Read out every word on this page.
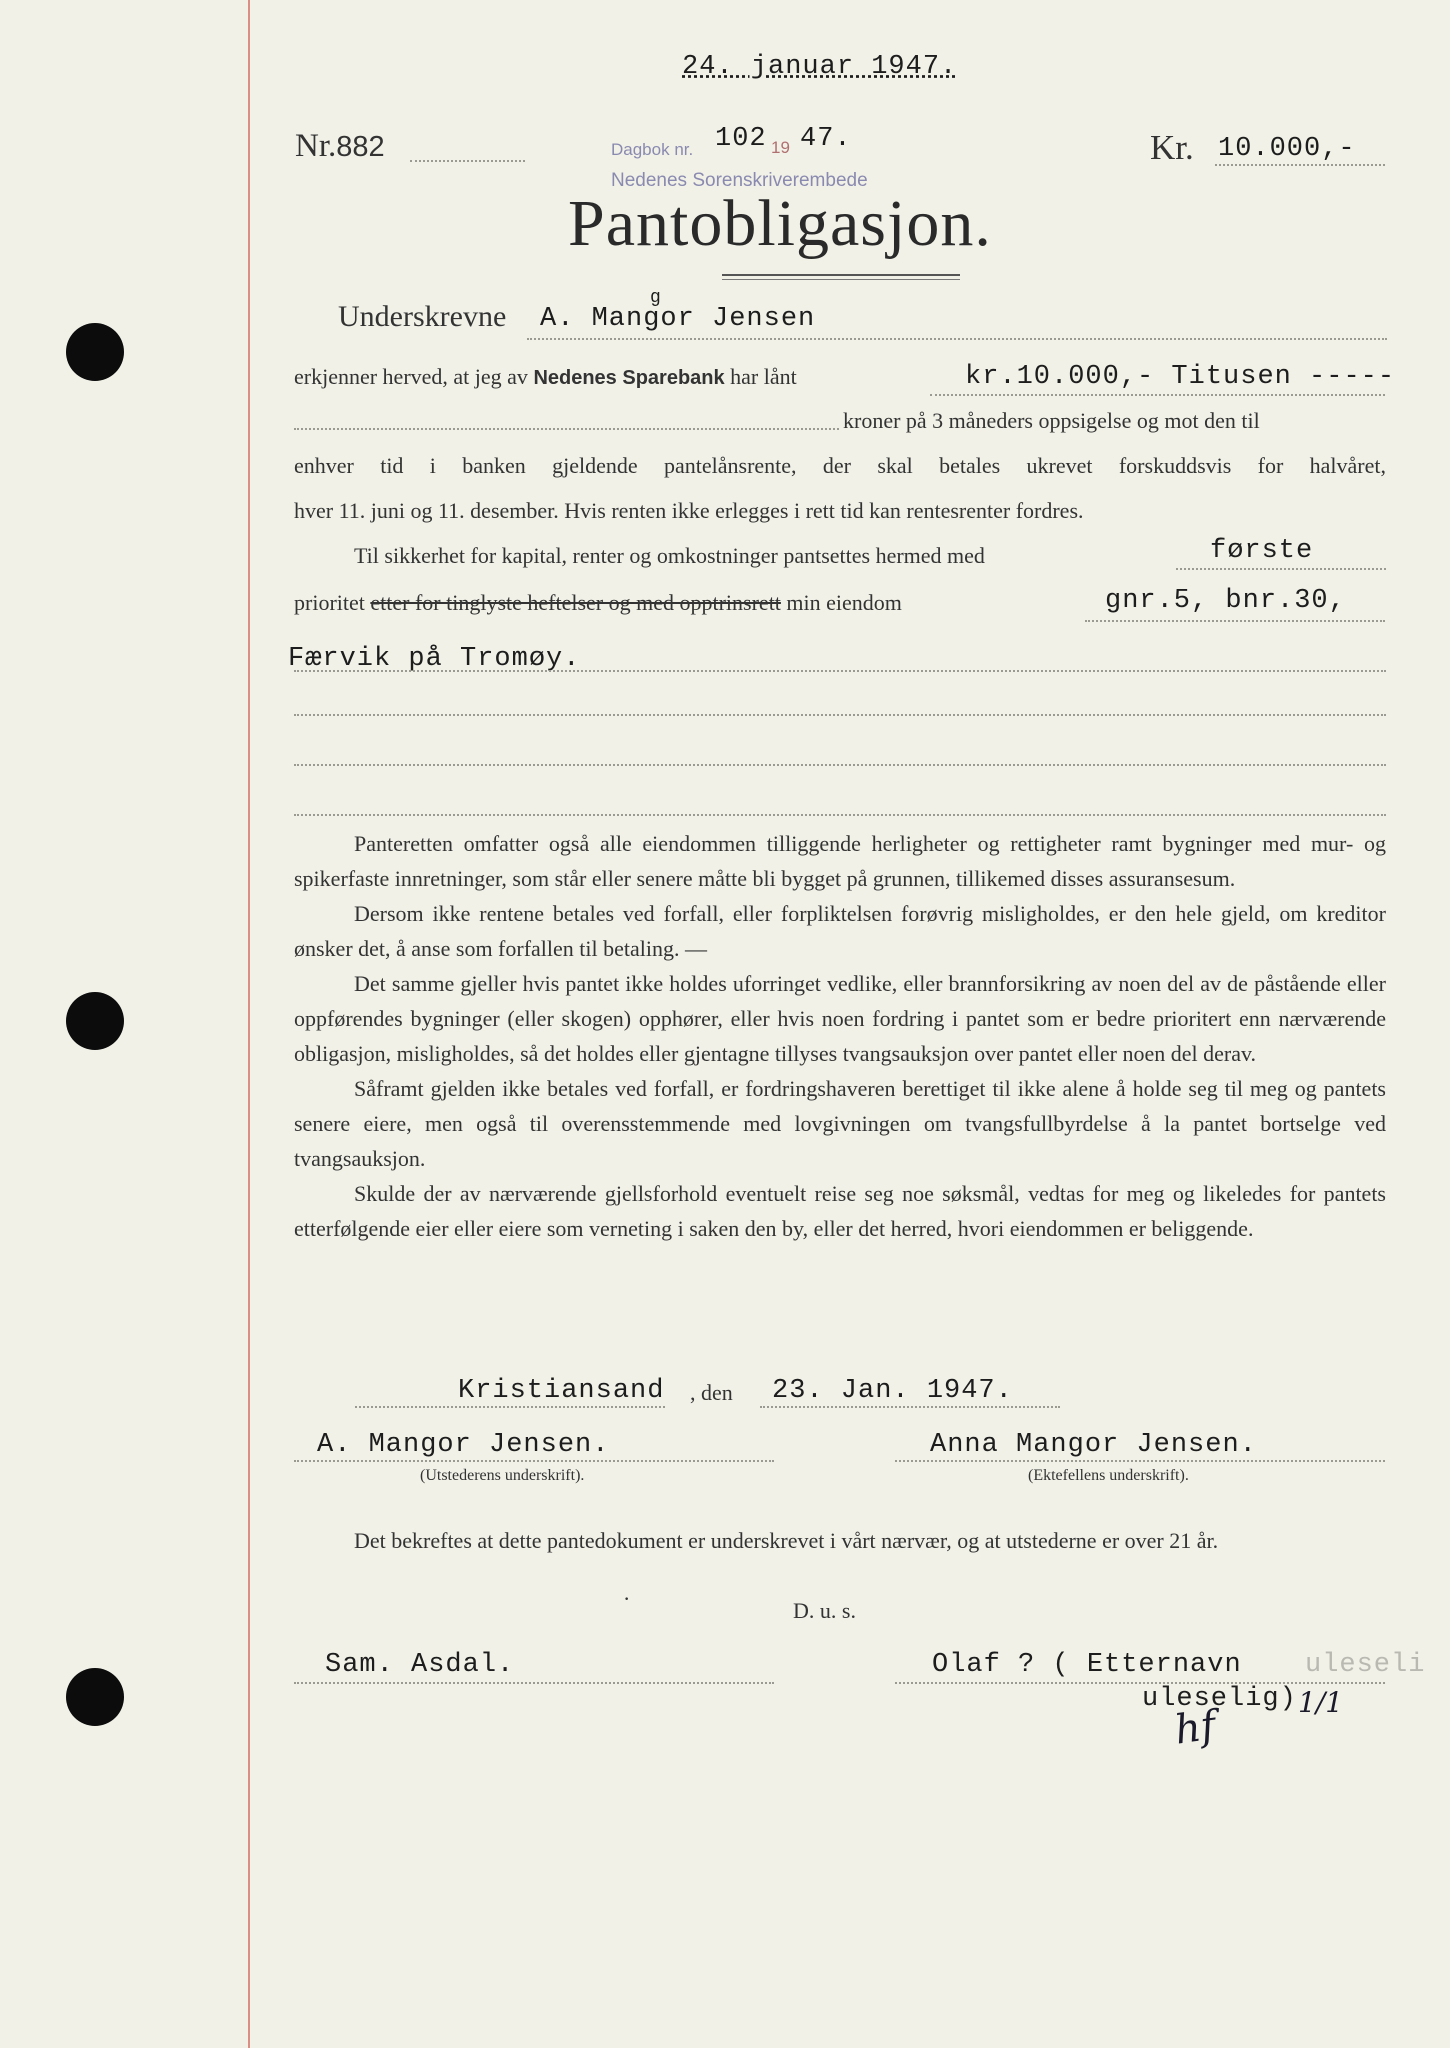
24. januar 1947.
Nr.882	Dagbok nr. 102 19 47.
Nedenes Sorenskriverembede
Kr. 10.000,-
Pantobligasjon.
Underskrevne A. Mangor Jensen
g
erkjenner herved, at jeg av Nedenes Sparebank har lånt	kr.10.000,- Titusen -----
kroner på 3 måneders oppsigelse og mot den til
enhver tid i banken gjeldende pantelånsrente, der skal betales ukrevet forskuddsvis for halvåret,
hver 11. juni og 11. desember. Hvis renten ikke erlegges i rett tid kan rentesrenter fordres.
Til sikkerhet for kapital, renter og omkostninger pantsettes hermed med	første
prioritet etter for tinglyste heftelser og med opptrinsrett min eiendom	gnr.5, bnr.30,
Færvik på Tromøy.

Panteretten omfatter også alle eiendommen tilliggende herligheter og rettigheter ramt bygninger med mur- og spikerfaste innretninger, som står eller senere måtte bli bygget på grunnen, tillikemed disses assuransesum.

Dersom ikke rentene betales ved forfall, eller forpliktelsen forøvrig misligholdes, er den hele gjeld, om kreditor ønsker det, å anse som forfallen til betaling. —

Det samme gjeller hvis pantet ikke holdes uforringet vedlike, eller brannforsikring av noen del av de påstående eller oppførendes bygninger (eller skogen) opphører, eller hvis noen fordring i pantet som er bedre prioritert enn nærværende obligasjon, misligholdes, så det holdes eller gjentagne tillyses tvangsauksjon over pantet eller noen del derav.

Såframt gjelden ikke betales ved forfall, er fordringshaveren berettiget til ikke alene å holde seg til meg og pantets senere eiere, men også til overensstemmende med lovgivningen om tvangsfullbyrdelse å la pantet bortselge ved tvangsauksjon.

Skulde der av nærværende gjellsforhold eventuelt reise seg noe søksmål, vedtas for meg og likeledes for pantets etterfølgende eier eller eiere som verneting i saken den by, eller det herred, hvori eiendommen er beliggende.

Kristiansand , den 23. Jan. 1947.
A. Mangor Jensen.
(Utstederens underskrift).
Anna Mangor Jensen.
(Ektefellens underskrift).
Det bekreftes at dette pantedokument er underskrevet i vårt nærvær, og at utstederne er over 21 år.
·	D. u. s.
Sam. Asdal.	Olaf ? ( Etternavn uleseli
uleselig)
hf	1/1
